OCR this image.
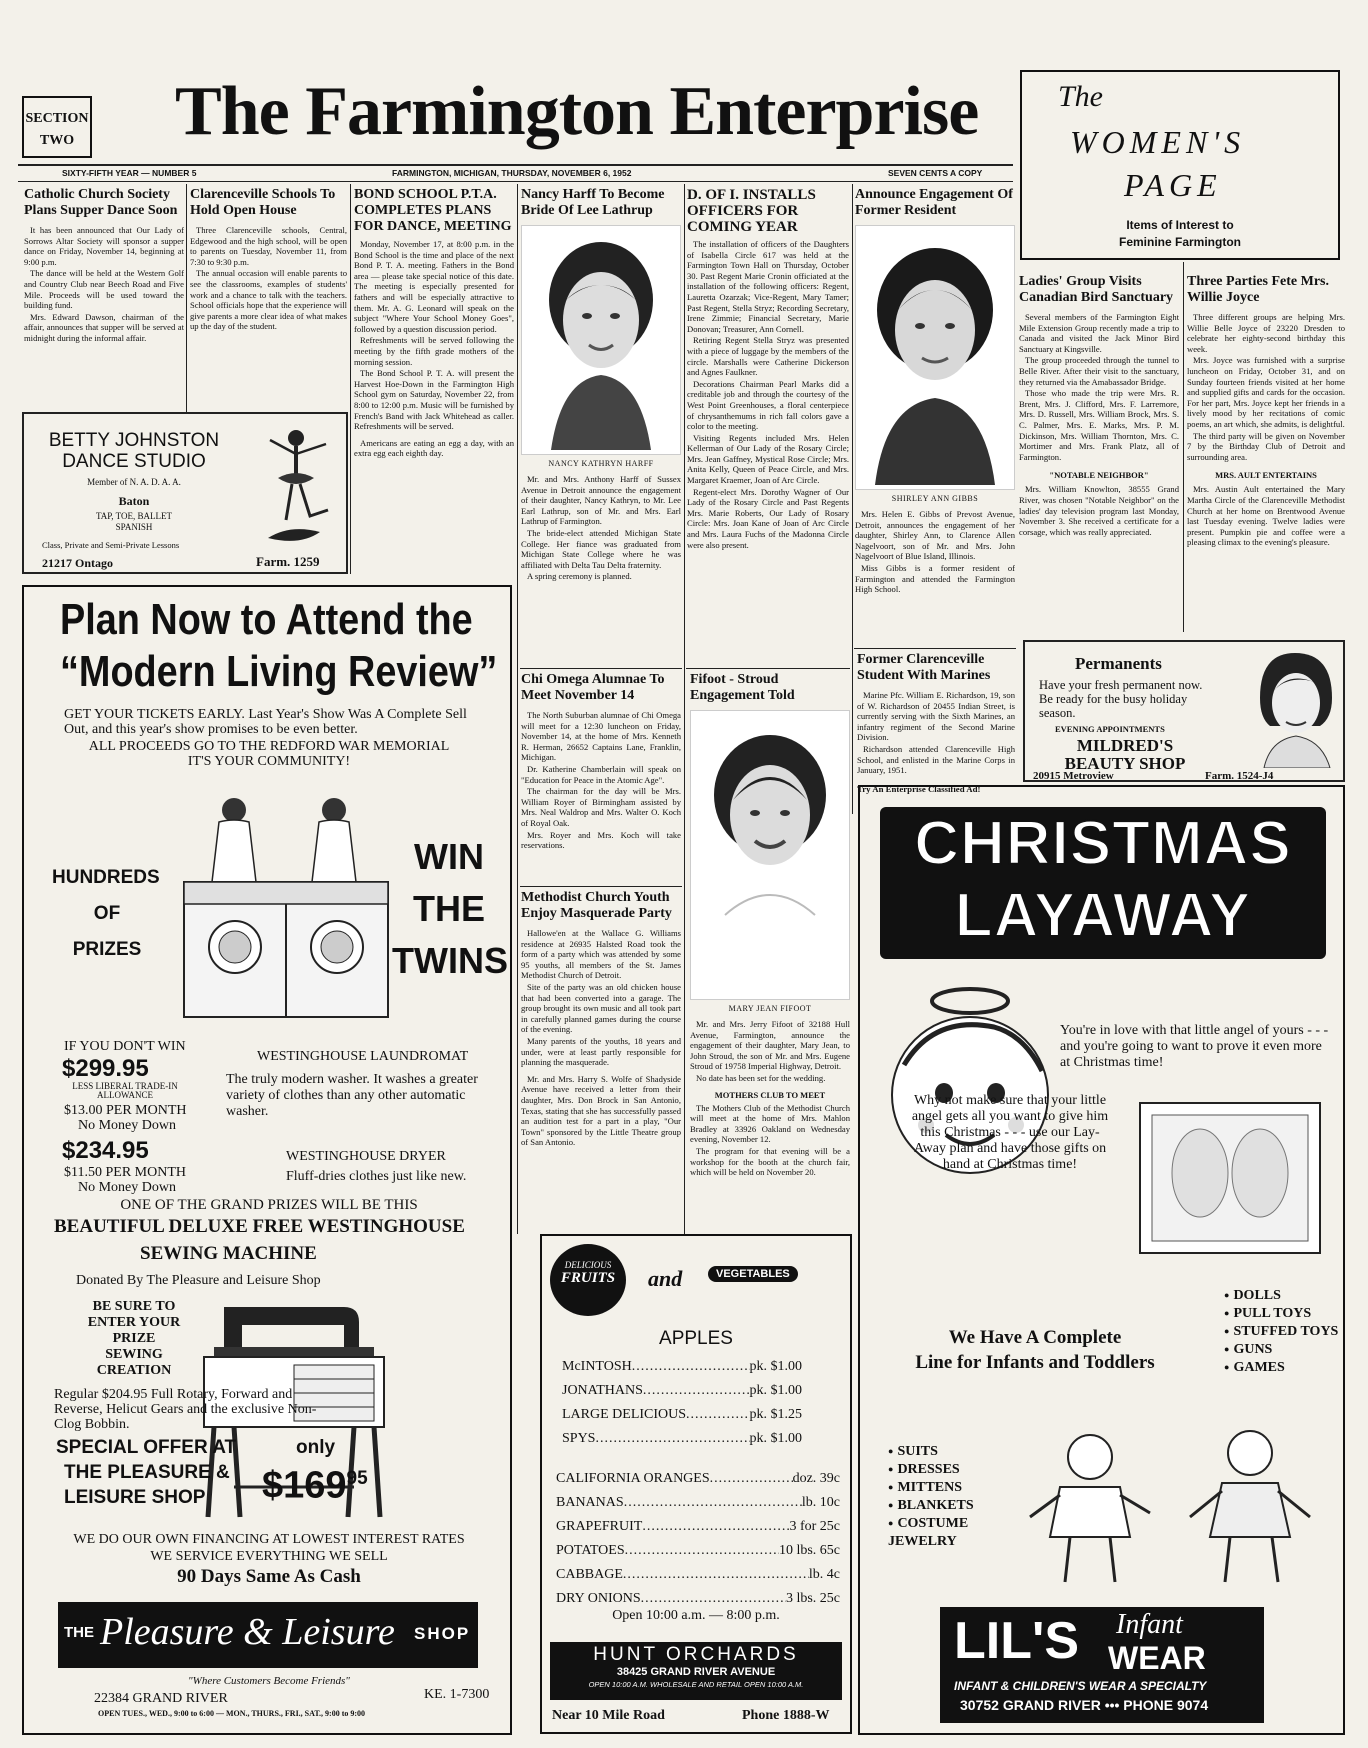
SECTION
TWO The Farmington Enterprise
SIXTY-FIFTH YEAR — NUMBER 5	FARMINGTON, MICHIGAN, THURSDAY, NOVEMBER 6, 1952	SEVEN CENTS A COPY
The
WOMEN'S
PAGE
Items of Interest to
Feminine Farmington
Catholic Church Society Plans Supper Dance Soon

It has been announced that Our Lady of Sorrows Altar Society will sponsor a supper dance on Friday, November 14, beginning at 9:00 p.m.

The dance will be held at the Western Golf and Country Club near Beech Road and Five Mile. Proceeds will be used toward the building fund.

Mrs. Edward Dawson, chairman of the affair, announces that supper will be served at midnight during the informal affair.

Clarenceville Schools To Hold Open House

Three Clarenceville schools, Central, Edgewood and the high school, will be open to parents on Tuesday, November 11, from 7:30 to 9:30 p.m.

The annual occasion will enable parents to see the classrooms, examples of students' work and a chance to talk with the teachers. School officials hope that the experience will give parents a more clear idea of what makes up the day of the student.

BOND SCHOOL P.T.A. COMPLETES PLANS FOR DANCE, MEETING

Monday, November 17, at 8:00 p.m. in the Bond School is the time and place of the next Bond P. T. A. meeting. Fathers in the Bond area — please take special notice of this date. The meeting is especially presented for fathers and will be especially attractive to them. Mr. A. G. Leonard will speak on the subject "Where Your School Money Goes", followed by a question discussion period.

Refreshments will be served following the meeting by the fifth grade mothers of the morning session.

The Bond School P. T. A. will present the Harvest Hoe-Down in the Farmington High School gym on Saturday, November 22, from 8:00 to 12:00 p.m. Music will be furnished by French's Band with Jack Whitehead as caller. Refreshments will be served.

Americans are eating an egg a day, with an extra egg each eighth day.

Nancy Harff To Become Bride Of Lee Lathrup
NANCY KATHRYN HARFF

Mr. and Mrs. Anthony Harff of Sussex Avenue in Detroit announce the engagement of their daughter, Nancy Kathryn, to Mr. Lee Earl Lathrup, son of Mr. and Mrs. Earl Lathrup of Farmington.

The bride-elect attended Michigan State College. Her fiance was graduated from Michigan State College where he was affiliated with Delta Tau Delta fraternity.

A spring ceremony is planned.

D. OF I. INSTALLS OFFICERS FOR COMING YEAR

The installation of officers of the Daughters of Isabella Circle 617 was held at the Farmington Town Hall on Thursday, October 30. Past Regent Marie Cronin officiated at the installation of the following officers: Regent, Lauretta Ozarzak; Vice-Regent, Mary Tamer; Past Regent, Stella Stryz; Recording Secretary, Irene Zimmie; Financial Secretary, Marie Donovan; Treasurer, Ann Cornell.

Retiring Regent Stella Stryz was presented with a piece of luggage by the members of the circle. Marshalls were Catherine Dickerson and Agnes Faulkner.

Decorations Chairman Pearl Marks did a creditable job and through the courtesy of the West Point Greenhouses, a floral centerpiece of chrysanthemums in rich fall colors gave a color to the meeting.

Visiting Regents included Mrs. Helen Kellerman of Our Lady of the Rosary Circle; Mrs. Jean Gaffney, Mystical Rose Circle; Mrs. Anita Kelly, Queen of Peace Circle, and Mrs. Margaret Kraemer, Joan of Arc Circle.

Regent-elect Mrs. Dorothy Wagner of Our Lady of the Rosary Circle and Past Regents Mrs. Marie Roberts, Our Lady of Rosary Circle: Mrs. Joan Kane of Joan of Arc Circle and Mrs. Laura Fuchs of the Madonna Circle were also present.

Announce Engagement Of Former Resident
SHIRLEY ANN GIBBS

Mrs. Helen E. Gibbs of Prevost Avenue, Detroit, announces the engagement of her daughter, Shirley Ann, to Clarence Allen Nagelvoort, son of Mr. and Mrs. John Nagelvoort of Blue Island, Illinois.

Miss Gibbs is a former resident of Farmington and attended the Farmington High School.

Ladies' Group Visits Canadian Bird Sanctuary

Several members of the Farmington Eight Mile Extension Group recently made a trip to Canada and visited the Jack Minor Bird Sanctuary at Kingsville.

The group proceeded through the tunnel to Belle River. After their visit to the sanctuary, they returned via the Amabassador Bridge.

Those who made the trip were Mrs. R. Brent, Mrs. J. Clifford, Mrs. F. Larremore, Mrs. D. Russell, Mrs. William Brock, Mrs. S. C. Palmer, Mrs. E. Marks, Mrs. P. M. Dickinson, Mrs. William Thornton, Mrs. C. Mortimer and Mrs. Frank Platz, all of Farmington.

"NOTABLE NEIGHBOR"

Mrs. William Knowlton, 38555 Grand River, was chosen "Notable Neighbor" on the ladies' day television program last Monday, November 3. She received a certificate for a corsage, which was really appreciated.

Three Parties Fete Mrs. Willie Joyce

Three different groups are helping Mrs. Willie Belle Joyce of 23220 Dresden to celebrate her eighty-second birthday this week.

Mrs. Joyce was furnished with a surprise luncheon on Friday, October 31, and on Sunday fourteen friends visited at her home and supplied gifts and cards for the occasion. For her part, Mrs. Joyce kept her friends in a lively mood by her recitations of comic poems, an art which, she admits, is delightful.

The third party will be given on November 7 by the Birthday Club of Detroit and surrounding area.

MRS. AULT ENTERTAINS

Mrs. Austin Ault entertained the Mary Martha Circle of the Clarenceville Methodist Church at her home on Brentwood Avenue last Tuesday evening. Twelve ladies were present. Pumpkin pie and coffee were a pleasing climax to the evening's pleasure.

BETTY JOHNSTON
DANCE STUDIO
Member of N. A. D. A. A.
Baton
TAP, TOE, BALLET
SPANISH
Class, Private and Semi-Private Lessons
21217 Ontago	Farm. 1259
Plan Now to Attend the
“Modern Living Review”
GET YOUR TICKETS EARLY. Last Year's Show Was A Complete Sell Out, and this year's show promises to be even better.
ALL PROCEEDS GO TO THE REDFORD WAR MEMORIAL
IT'S YOUR COMMUNITY!
HUNDREDS
OF
PRIZES
WIN
THE
TWINS
IF YOU DON'T WIN
$299.95
LESS LIBERAL TRADE-IN ALLOWANCE
$13.00 PER MONTH
No Money Down
WESTINGHOUSE LAUNDROMAT
The truly modern washer. It washes a greater variety of clothes than any other automatic washer.
$234.95
$11.50 PER MONTH
No Money Down
WESTINGHOUSE DRYER
Fluff-dries clothes just like new.
ONE OF THE GRAND PRIZES WILL BE THIS
BEAUTIFUL DELUXE FREE WESTINGHOUSE
SEWING MACHINE
Donated By The Pleasure and Leisure Shop
BE SURE TO ENTER YOUR PRIZE SEWING CREATION
Regular $204.95 Full Rotary, Forward and Reverse, Helicut Gears and the exclusive Non-Clog Bobbin.
SPECIAL OFFER AT
THE PLEASURE &
LEISURE SHOP
only
$\$169^{95}$
WE DO OUR OWN FINANCING AT LOWEST INTEREST RATES
WE SERVICE EVERYTHING WE SELL
90 Days Same As Cash
THE Pleasure & Leisure SHOP
"Where Customers Become Friends"
22384 GRAND RIVER	KE. 1-7300
OPEN TUES., WED., 9:00 to 6:00 — MON., THURS., FRI., SAT., 9:00 to 9:00
Chi Omega Alumnae To Meet November 14

The North Suburban alumnae of Chi Omega will meet for a 12:30 luncheon on Friday, November 14, at the home of Mrs. Kenneth R. Herman, 26652 Captains Lane, Franklin, Michigan.

Dr. Katherine Chamberlain will speak on "Education for Peace in the Atomic Age".

The chairman for the day will be Mrs. William Royer of Birmingham assisted by Mrs. Neal Waldrop and Mrs. Walter O. Koch of Royal Oak.

Mrs. Royer and Mrs. Koch will take reservations.

Methodist Church Youth Enjoy Masquerade Party

Hallowe'en at the Wallace G. Williams residence at 26935 Halsted Road took the form of a party which was attended by some 95 youths, all members of the St. James Methodist Church of Detroit.

Site of the party was an old chicken house that had been converted into a garage. The group brought its own music and all took part in carefully planned games during the course of the evening.

Many parents of the youths, 18 years and under, were at least partly responsible for planning the masquerade.

Mr. and Mrs. Harry S. Wolfe of Shadyside Avenue have received a letter from their daughter, Mrs. Don Brock in San Antonio, Texas, stating that she has successfully passed an audition test for a part in a play, "Our Town" sponsored by the Little Theatre group of San Antonio.

Fifoot - Stroud Engagement Told
MARY JEAN FIFOOT

Mr. and Mrs. Jerry Fifoot of 32188 Hull Avenue, Farmington, announce the engagement of their daughter, Mary Jean, to John Stroud, the son of Mr. and Mrs. Eugene Stroud of 19758 Imperial Highway, Detroit.

No date has been set for the wedding.

MOTHERS CLUB TO MEET

The Mothers Club of the Methodist Church will meet at the home of Mrs. Mahlon Bradley at 33926 Oakland on Wednesday evening, November 12.

The program for that evening will be a workshop for the booth at the church fair, which will be held on November 20.

Former Clarenceville Student With Marines

Marine Pfc. William E. Richardson, 19, son of W. Richardson of 20455 Indian Street, is currently serving with the Sixth Marines, an infantry regiment of the Second Marine Division.

Richardson attended Clarenceville High School, and enlisted in the Marine Corps in January, 1951.

Try An Enterprise Classified Ad!
Permanents
Have your fresh permanent now. Be ready for the busy holiday season.
EVENING APPOINTMENTS
MILDRED'S
BEAUTY SHOP
20915 Metroview	Farm. 1524-J4
DELICIOUS
FRUITS	and	VEGETABLES
APPLES
McINTOSH .....	pk. $1.00
JONATHANS .....	pk. $1.00
LARGE DELICIOUS .....	pk. $1.25
SPYS .....	pk. $1.00
CALIFORNIA ORANGES .....	doz. 39c
BANANAS .....	lb. 10c
GRAPEFRUIT .....	3 for 25c
POTATOES .....	10 lbs. 65c
CABBAGE .....	lb. 4c
DRY ONIONS .....	3 lbs. 25c
Open 10:00 a.m. — 8:00 p.m.
HUNT ORCHARDS
38425 GRAND RIVER AVENUE
OPEN 10:00 A.M. WHOLESALE AND RETAIL OPEN 10:00 A.M.
Near 10 Mile Road	Phone 1888-W
CHRISTMAS
LAYAWAY
You're in love with that little angel of yours - - - and you're going to want to prove it even more at Christmas time!
Why not make sure that your little angel gets all you want to give him this Christmas - - - use our Lay-Away plan and have those gifts on hand at Christmas time!
● DOLLS
● PULL TOYS
● STUFFED TOYS
● GUNS
● GAMES
We Have A Complete
Line for Infants and Toddlers
● SUITS
● DRESSES
● MITTENS
● BLANKETS
● COSTUME JEWELRY
LIL'S Infant
WEAR
INFANT & CHILDREN'S WEAR A SPECIALTY
30752 GRAND RIVER ••• PHONE 9074
